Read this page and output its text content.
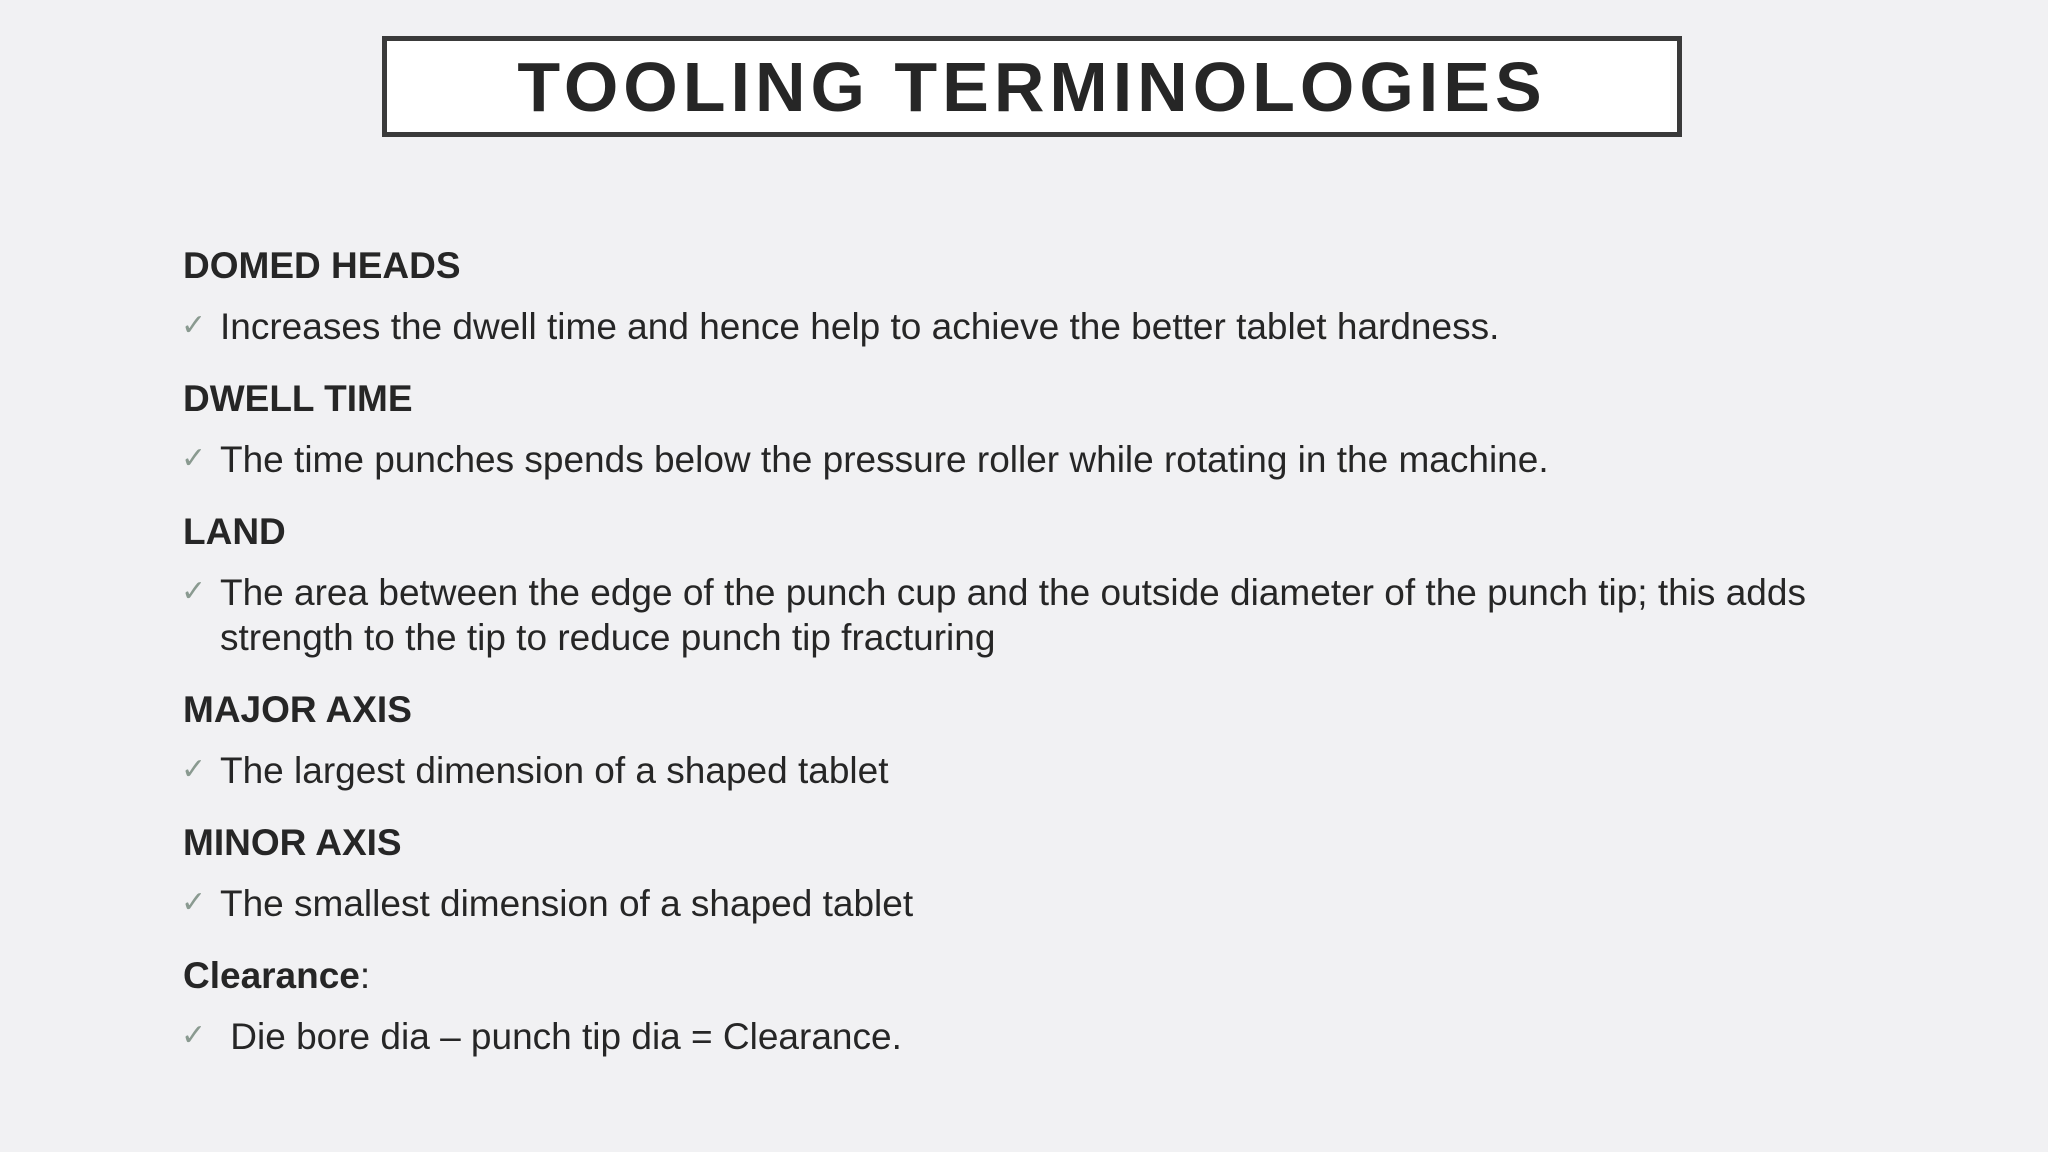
TOOLING TERMINOLOGIES
DOMED HEADS
✓ Increases the dwell time and hence help to achieve the better tablet hardness.
DWELL TIME
✓ The time punches spends below the pressure roller while rotating in the machine.
LAND
✓ The area between the edge of the punch cup and the outside diameter of the punch tip; this adds strength to the tip to reduce punch tip fracturing
MAJOR AXIS
✓ The largest dimension of a shaped tablet
MINOR AXIS
✓ The smallest dimension of a shaped tablet
Clearance:
✓ Die bore dia – punch tip dia = Clearance.
